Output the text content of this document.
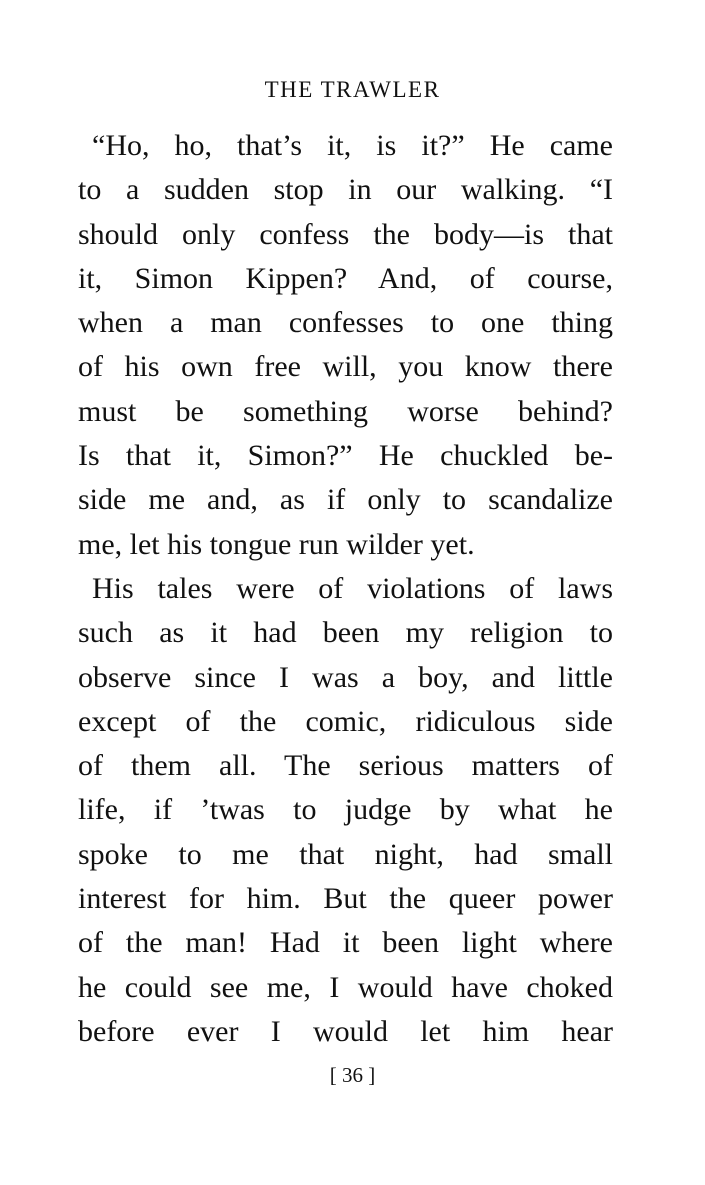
THE TRAWLER
“Ho, ho, that’s it, is it?” He came
to a sudden stop in our walking. “I
should only confess the body—is that
it, Simon Kippen? And, of course,
when a man confesses to one thing
of his own free will, you know there
must be something worse behind?
Is that it, Simon?” He chuckled be-
side me and, as if only to scandalize
me, let his tongue run wilder yet.
His tales were of violations of laws
such as it had been my religion to
observe since I was a boy, and little
except of the comic, ridiculous side
of them all. The serious matters of
life, if ’twas to judge by what he
spoke to me that night, had small
interest for him. But the queer power
of the man! Had it been light where
he could see me, I would have choked
before ever I would let him hear
[ 36 ]
